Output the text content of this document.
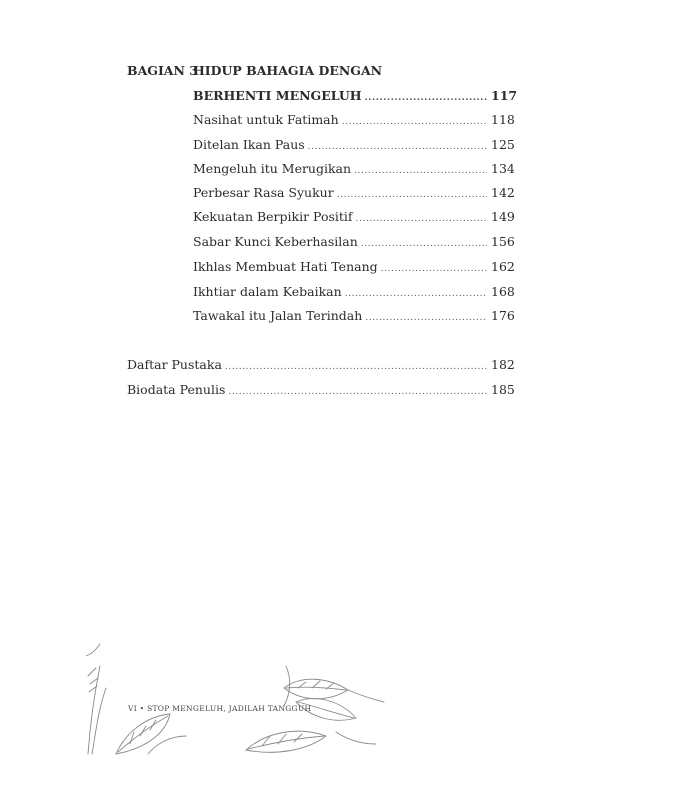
BAGIAN 3
HIDUP BAHAGIA DENGAN
BERHENTI MENGELUH .....	117
Nasihat untuk Fatimah .....	118
Ditelan Ikan Paus .....	125
Mengeluh itu Merugikan .....	134
Perbesar Rasa Syukur .....	142
Kekuatan Berpikir Positif .....	149
Sabar Kunci Keberhasilan .....	156
Ikhlas Membuat Hati Tenang .....	162
Ikhtiar dalam Kebaikan .....	168
Tawakal itu Jalan Terindah .....	176
Daftar Pustaka .....	182
Biodata Penulis .....	185
VI • STOP MENGELUH, JADILAH TANGGUH
